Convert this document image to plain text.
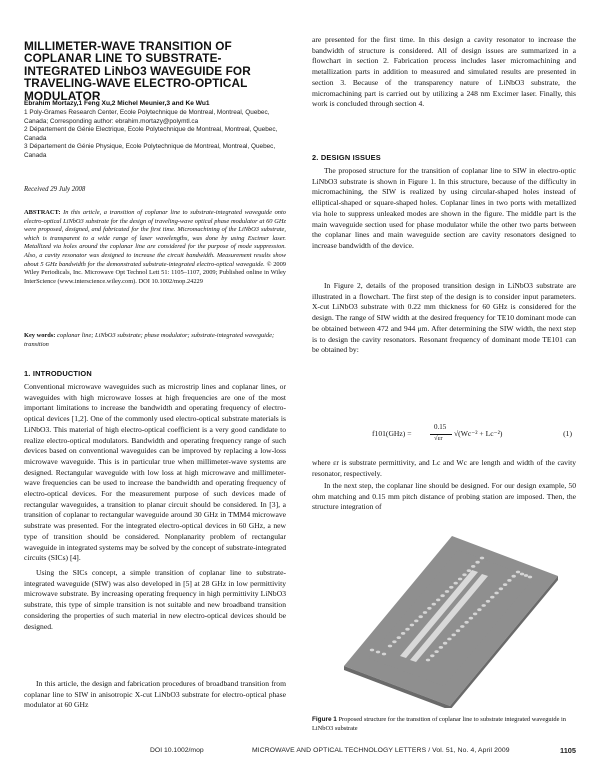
MILLIMETER-WAVE TRANSITION OF COPLANAR LINE TO SUBSTRATE-INTEGRATED LiNbO3 WAVEGUIDE FOR TRAVELING-WAVE ELECTRO-OPTICAL MODULATOR

Ebrahim Mortazy,1 Feng Xu,2 Michel Meunier,3 and Ke Wu1

1 Poly-Grames Research Center, Ecole Polytechnique de Montreal, Montreal, Quebec, Canada; Corresponding author: ebrahim.mortazy@polymtl.ca

2 Département de Génie Electrique, Ecole Polytechnique de Montreal, Montreal, Quebec, Canada

3 Département de Génie Physique, Ecole Polytechnique de Montreal, Montreal, Quebec, Canada

Received 29 July 2008

ABSTRACT: In this article, a transition of coplanar line to substrate-integrated waveguide onto electro-optical LiNbO3 substrate for the design of traveling-wave optical phase modulator at 60 GHz were proposed, designed, and fabricated for the first time. Micromachining of the LiNbO3 substrate, which is transparent to a wide range of laser wavelengths, was done by using Excimer laser. Metallized via holes around the coplanar line are considered for the purpose of mode suppression. Also, a cavity resonator was designed to increase the circuit bandwidth. Measurement results show about 5 GHz bandwidth for the demonstrated substrate-integrated electro-optical waveguide. © 2009 Wiley Periodicals, Inc. Microwave Opt Technol Lett 51: 1105–1107, 2009; Published online in Wiley InterScience (www.interscience.wiley.com). DOI 10.1002/mop.24229

Key words: coplanar line; LiNbO3 substrate; phase modulator; substrate-integrated waveguide; transition

1. INTRODUCTION

Conventional microwave waveguides such as microstrip lines and coplanar lines, or waveguides with high microwave losses at high frequencies are one of the most important limitations to increase the bandwidth and operating frequency of electro-optical devices [1,2]. One of the commonly used electro-optical substrate materials is LiNbO3. This material of high electro-optical coefficient is a very good candidate to realize electro-optical modulators. Bandwidth and operating frequency range of such devices based on conventional waveguides can be improved by replacing a low-loss microwave waveguide. This is in particular true when millimeter-wave systems are designed. Rectangular waveguide with low loss at high microwave and millimeter-wave frequencies can be used to increase the bandwidth and operating frequency of electro-optical devices. For the measurement purpose of such devices made of rectangular waveguides, a transition to planar circuit should be considered. In [3], a transition of coplanar to rectangular waveguide around 30 GHz in TMM4 microwave substrate was presented. For the integrated electro-optical devices in 60 GHz, a new type of transition should be considered. Nonplanarity problem of rectangular waveguide in integrated systems may be solved by the concept of substrate-integrated circuits (SICs) [4].

Using the SICs concept, a simple transition of coplanar line to substrate-integrated waveguide (SIW) was also developed in [5] at 28 GHz in low permittivity microwave substrate. By increasing operating frequency in high permittivity LiNbO3 substrate, this type of simple transition is not suitable and new broadband transition considering the properties of such material in new electro-optical devices should be designed.

In this article, the design and fabrication procedures of broadband transition from coplanar line to SIW in anisotropic X-cut LiNbO3 substrate for electro-optical phase modulator at 60 GHz

are presented for the first time. In this design a cavity resonator to increase the bandwidth of structure is considered. All of design issues are summarized in a flowchart in section 2. Fabrication process includes laser micromachining and metallization parts in addition to measured and simulated results are presented in section 3. Because of the transparency nature of LiNbO3 substrate, the micromachining part is carried out by utilizing a 248 nm Excimer laser. Finally, this work is concluded through section 4.

2. DESIGN ISSUES

The proposed structure for the transition of coplanar line to SIW in electro-optic LiNbO3 substrate is shown in Figure 1. In this structure, because of the difficulty in micromachining, the SIW is realized by using circular-shaped holes instead of elliptical-shaped or square-shaped holes. Coplanar lines in two ports with metallized via hole to suppress unleaked modes are shown in the figure. The middle part is the main waveguide section used for phase modulator while the other two parts between the coplanar lines and main waveguide section are cavity resonators designed to increase bandwidth of the device.

In Figure 2, details of the proposed transition design in LiNbO3 substrate are illustrated in a flowchart. The first step of the design is to consider input parameters. X-cut LiNbO3 substrate with 0.22 mm thickness for 60 GHz is considered for the design. The range of SIW width at the desired frequency for TE10 dominant mode can be obtained between 472 and 944 μm. After determining the SIW width, the next step is to design the cavity resonators. Resonant frequency of dominant mode TE101 can be obtained by:

f101(GHz) =
0.15
√εr
√(Wc⁻² + Lc⁻²)	(1)

where εr is substrate permittivity, and Lc and Wc are length and width of the cavity resonator, respectively.

In the next step, the coplanar line should be designed. For our design example, 50 ohm matching and 0.15 mm pitch distance of probing station are imposed. Then, the structure integration of

Figure 1 Proposed structure for the transition of coplanar line to substrate integrated waveguide in LiNbO3 substrate

DOI 10.1002/mop	MICROWAVE AND OPTICAL TECHNOLOGY LETTERS / Vol. 51, No. 4, April 2009	1105
